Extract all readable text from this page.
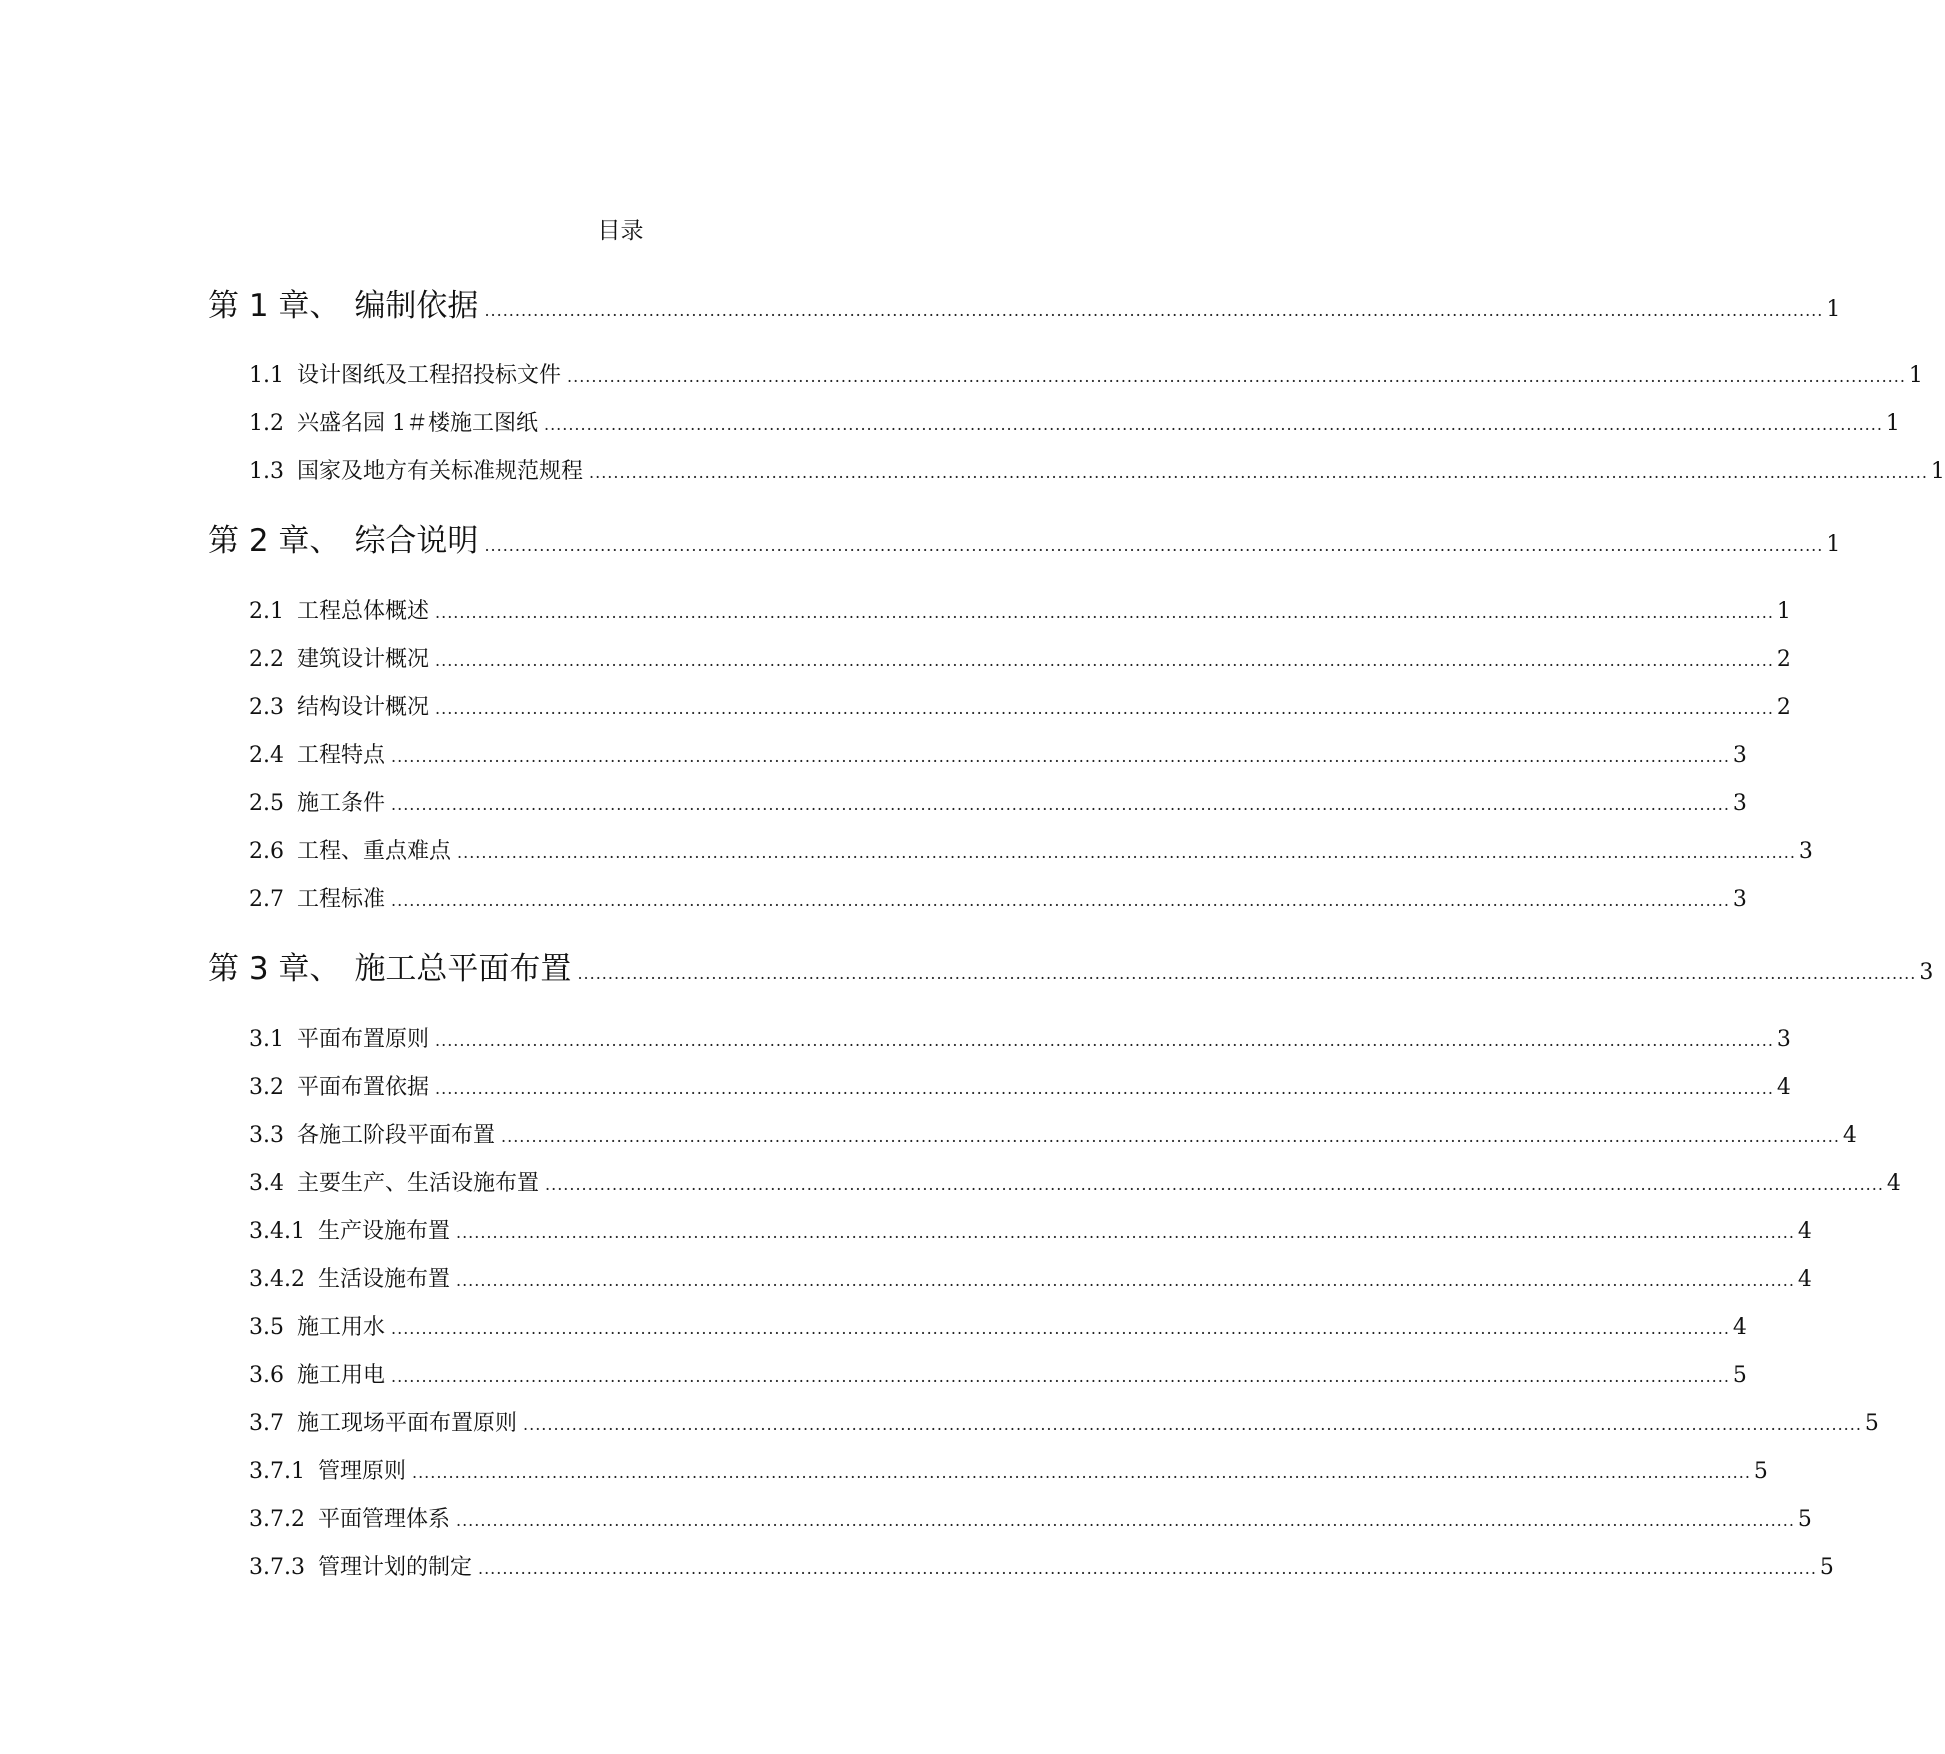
目录
第 1 章、 编制依据 ............................................................................................................................................................................................................................ 1
1.1 设计图纸及工程招投标文件 ............................................................................................................................................................................................................................ 1
1.2 兴盛名园 1＃楼施工图纸 ............................................................................................................................................................................................................................ 1
1.3 国家及地方有关标准规范规程 ............................................................................................................................................................................................................................ 1
第 2 章、 综合说明 ............................................................................................................................................................................................................................ 1
2.1 工程总体概述 ............................................................................................................................................................................................................................ 1
2.2 建筑设计概况 ............................................................................................................................................................................................................................ 2
2.3 结构设计概况 ............................................................................................................................................................................................................................ 2
2.4 工程特点 ............................................................................................................................................................................................................................ 3
2.5 施工条件 ............................................................................................................................................................................................................................ 3
2.6 工程、重点难点 ............................................................................................................................................................................................................................ 3
2.7 工程标准 ............................................................................................................................................................................................................................ 3
第 3 章、 施工总平面布置 ............................................................................................................................................................................................................................ 3
3.1 平面布置原则 ............................................................................................................................................................................................................................ 3
3.2 平面布置依据 ............................................................................................................................................................................................................................ 4
3.3 各施工阶段平面布置 ............................................................................................................................................................................................................................ 4
3.4 主要生产、生活设施布置 ............................................................................................................................................................................................................................ 4
3.4.1 生产设施布置 ............................................................................................................................................................................................................................ 4
3.4.2 生活设施布置 ............................................................................................................................................................................................................................ 4
3.5 施工用水 ............................................................................................................................................................................................................................ 4
3.6 施工用电 ............................................................................................................................................................................................................................ 5
3.7 施工现场平面布置原则 ............................................................................................................................................................................................................................ 5
3.7.1 管理原则 ............................................................................................................................................................................................................................ 5
3.7.2 平面管理体系 ............................................................................................................................................................................................................................ 5
3.7.3 管理计划的制定 ............................................................................................................................................................................................................................ 5
